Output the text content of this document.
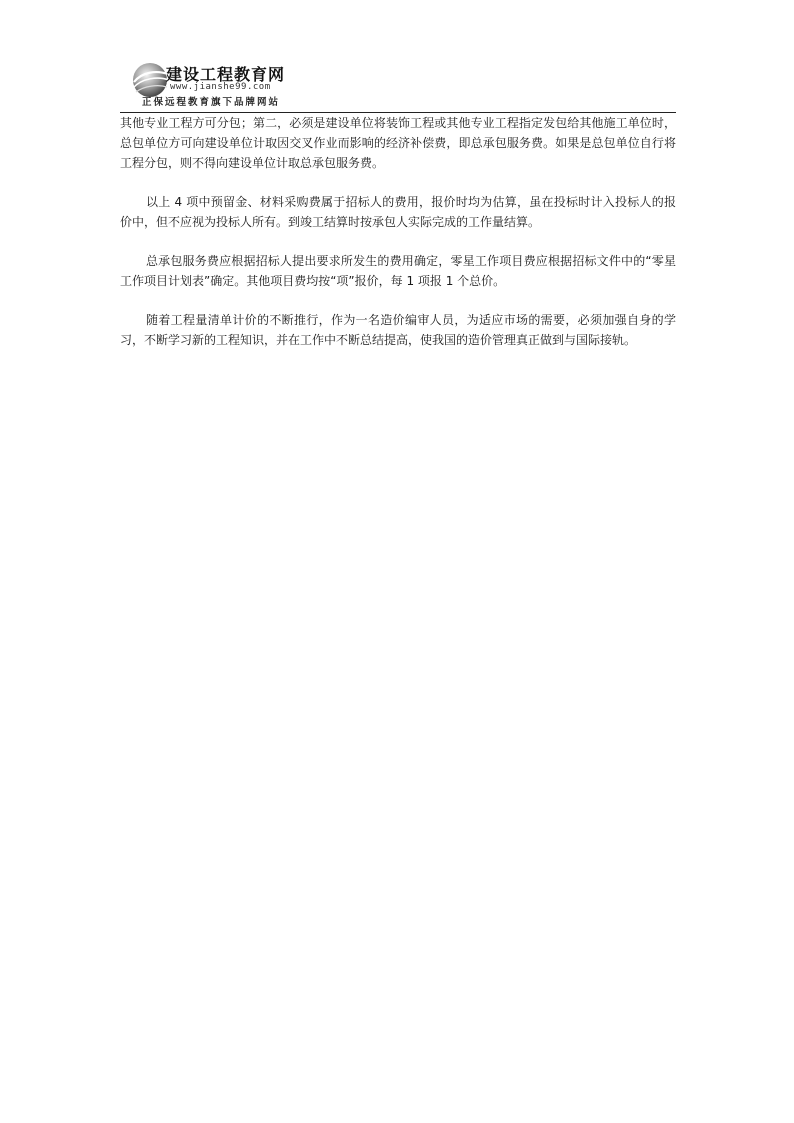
建设工程教育网
www.jianshe99.com
正保远程教育旗下品牌网站

其他专业工程方可分包；第二，必须是建设单位将装饰工程或其他专业工程指定发包给其他施工单位时，总包单位方可向建设单位计取因交叉作业而影响的经济补偿费，即总承包服务费。如果是总包单位自行将工程分包，则不得向建设单位计取总承包服务费。

以上 4 项中预留金、材料采购费属于招标人的费用，报价时均为估算，虽在投标时计入投标人的报价中，但不应视为投标人所有。到竣工结算时按承包人实际完成的工作量结算。

总承包服务费应根据招标人提出要求所发生的费用确定，零星工作项目费应根据招标文件中的“零星工作项目计划表”确定。其他项目费均按“项”报价，每 1 项报 1 个总价。

随着工程量清单计价的不断推行，作为一名造价编审人员，为适应市场的需要，必须加强自身的学习，不断学习新的工程知识，并在工作中不断总结提高，使我国的造价管理真正做到与国际接轨。
